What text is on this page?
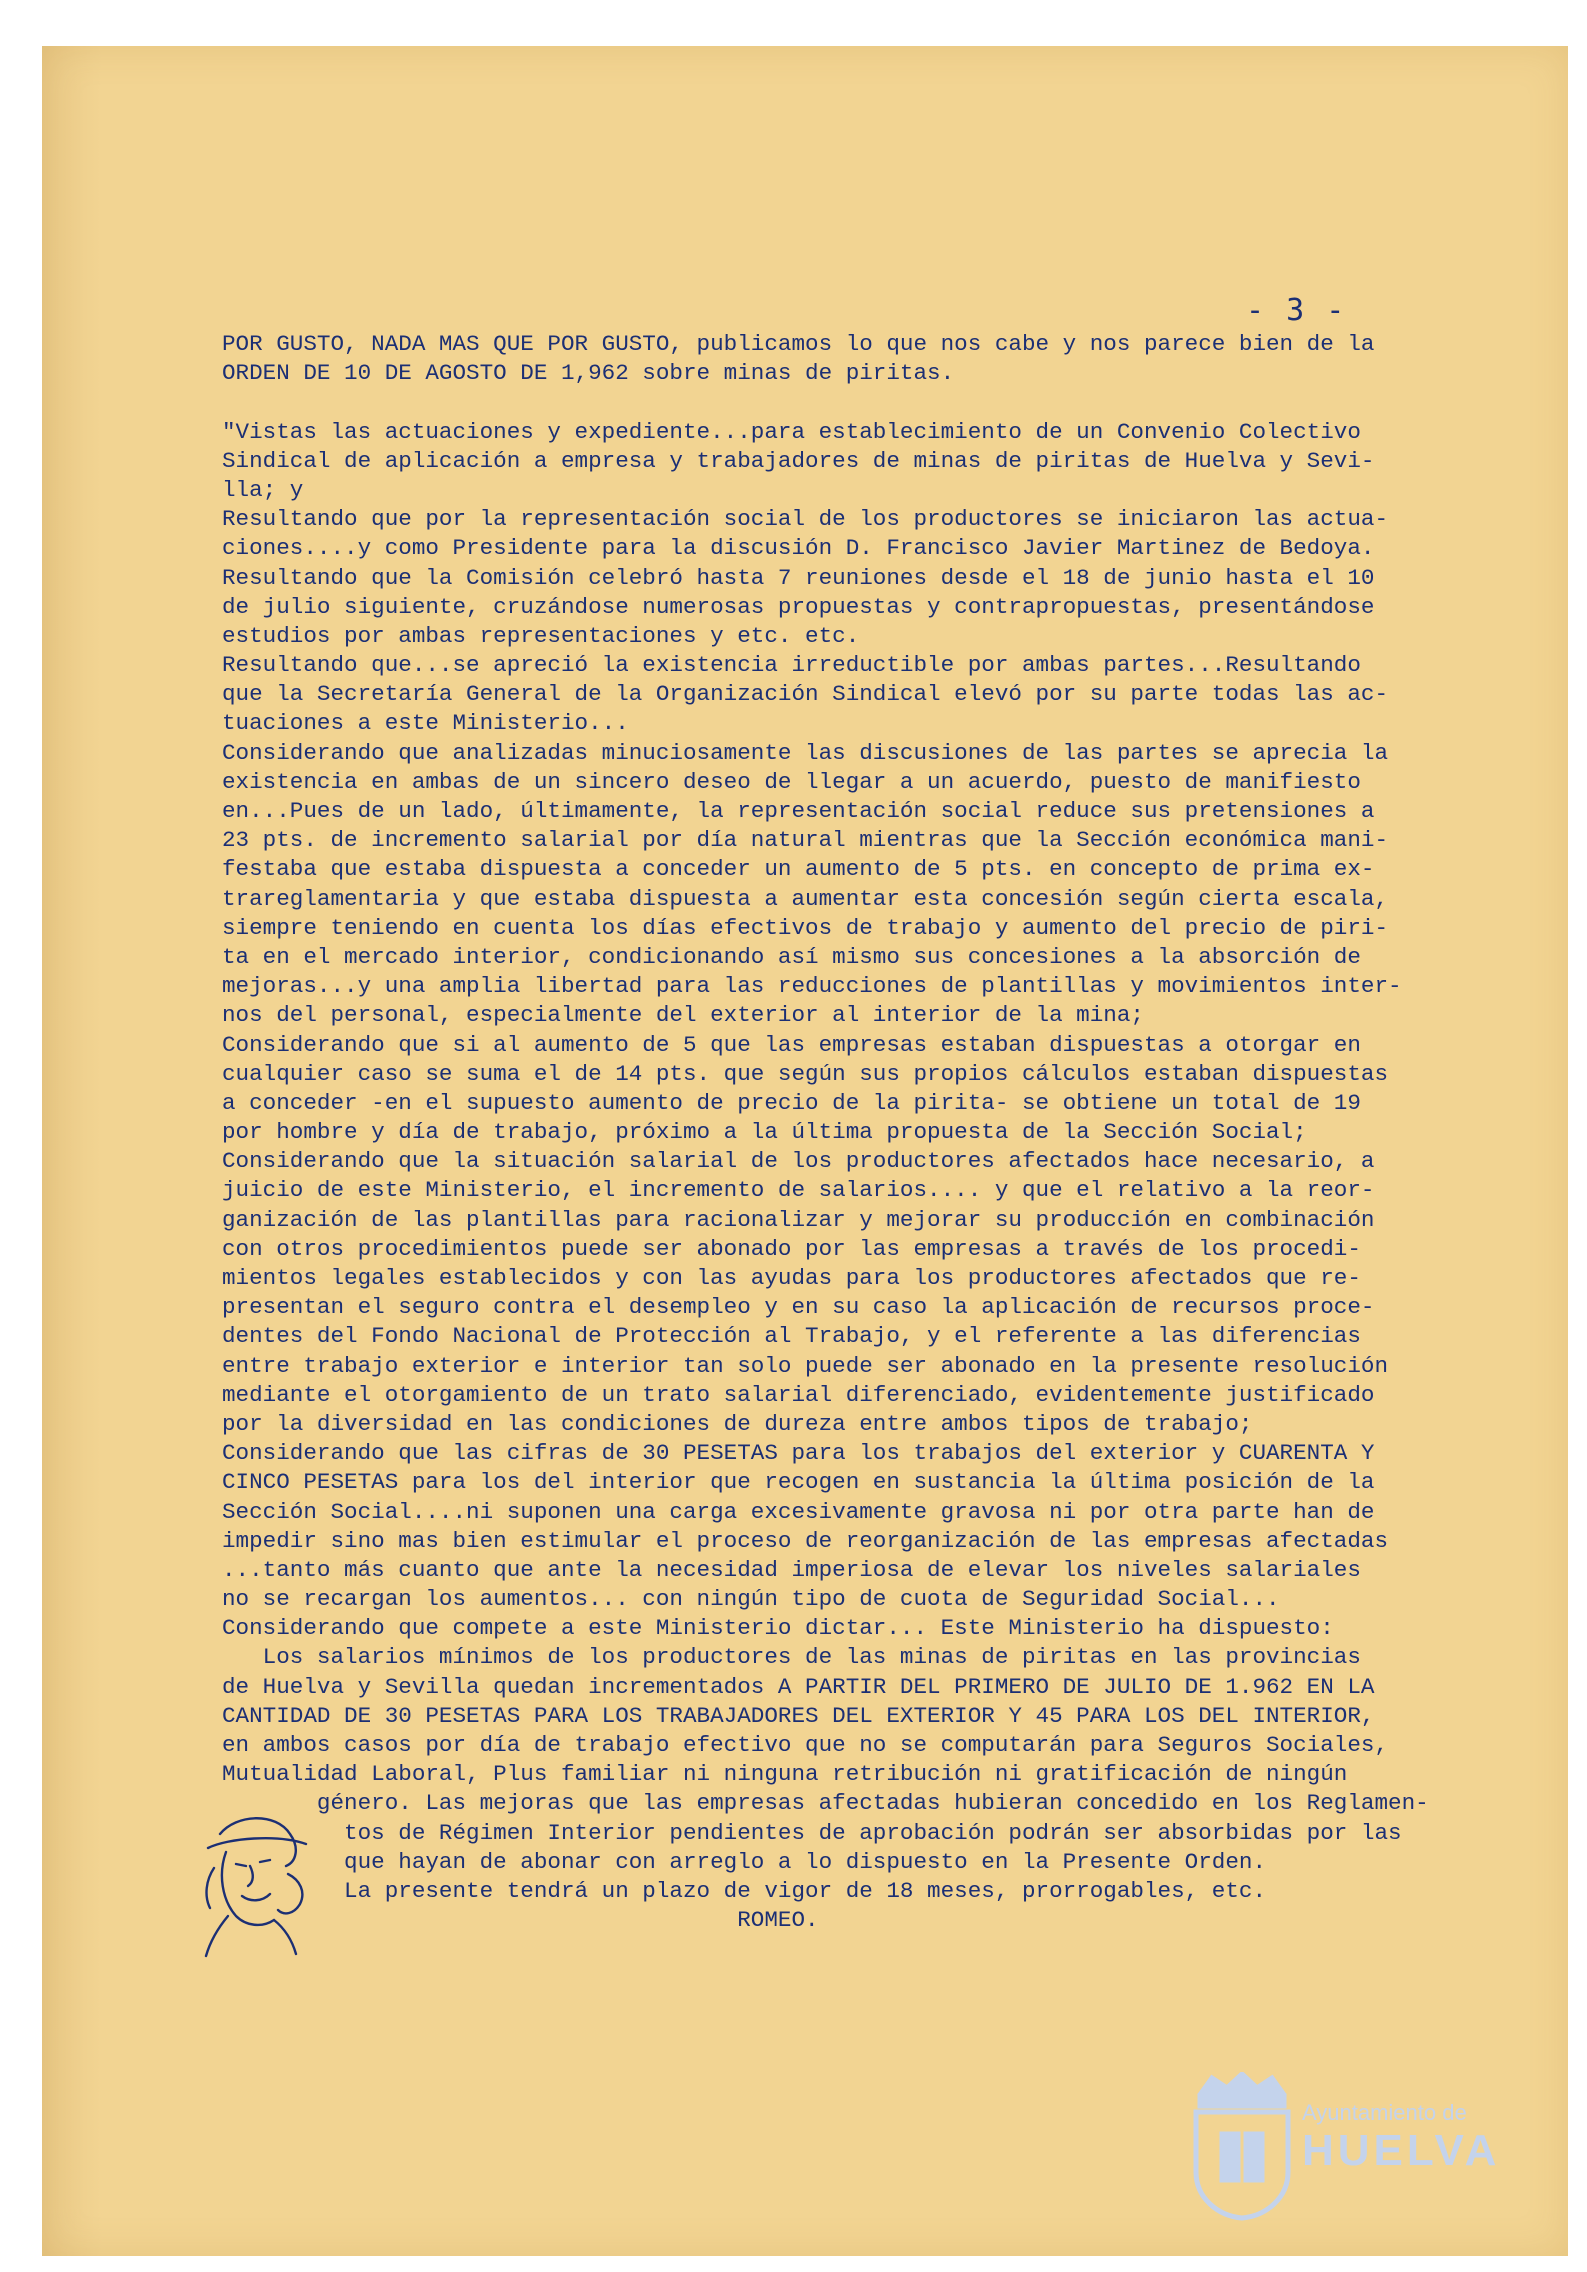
- 3 -
POR GUSTO, NADA MAS QUE POR GUSTO, publicamos lo que nos cabe y nos parece bien de la
ORDEN DE 10 DE AGOSTO DE 1,962 sobre minas de piritas.
"Vistas las actuaciones y expediente...para establecimiento de un Convenio Colectivo
Sindical de aplicación a empresa y trabajadores de minas de piritas de Huelva y Sevi-
lla; y
Resultando que por la representación social de los productores se iniciaron las actua-
ciones....y como Presidente para la discusión D. Francisco Javier Martinez de Bedoya.
Resultando que la Comisión celebró hasta 7 reuniones desde el 18 de junio hasta el 10
de julio siguiente, cruzándose numerosas propuestas y contrapropuestas, presentándose
estudios por ambas representaciones y etc. etc.
Resultando que...se apreció la existencia irreductible por ambas partes...Resultando
que la Secretaría General de la Organización Sindical elevó por su parte todas las ac-
tuaciones a este Ministerio...
Considerando que analizadas minuciosamente las discusiones de las partes se aprecia la
existencia en ambas de un sincero deseo de llegar a un acuerdo, puesto de manifiesto
en...Pues de un lado, últimamente, la representación social reduce sus pretensiones a
23 pts. de incremento salarial por día natural mientras que la Sección económica mani-
festaba que estaba dispuesta a conceder un aumento de 5 pts. en concepto de prima ex-
trareglamentaria y que estaba dispuesta a aumentar esta concesión según cierta escala,
siempre teniendo en cuenta los días efectivos de trabajo y aumento del precio de piri-
ta en el mercado interior, condicionando así mismo sus concesiones a la absorción de
mejoras...y una amplia libertad para las reducciones de plantillas y movimientos inter-
nos del personal, especialmente del exterior al interior de la mina;
Considerando que si al aumento de 5 que las empresas estaban dispuestas a otorgar en
cualquier caso se suma el de 14 pts. que según sus propios cálculos estaban dispuestas
a conceder -en el supuesto aumento de precio de la pirita- se obtiene un total de 19
por hombre y día de trabajo, próximo a la última propuesta de la Sección Social;
Considerando que la situación salarial de los productores afectados hace necesario, a
juicio de este Ministerio, el incremento de salarios.... y que el relativo a la reor-
ganización de las plantillas para racionalizar y mejorar su producción en combinación
con otros procedimientos puede ser abonado por las empresas a través de los procedi-
mientos legales establecidos y con las ayudas para los productores afectados que re-
presentan el seguro contra el desempleo y en su caso la aplicación de recursos proce-
dentes del Fondo Nacional de Protección al Trabajo, y el referente a las diferencias
entre trabajo exterior e interior tan solo puede ser abonado en la presente resolución
mediante el otorgamiento de un trato salarial diferenciado, evidentemente justificado
por la diversidad en las condiciones de dureza entre ambos tipos de trabajo;
Considerando que las cifras de 30 PESETAS para los trabajos del exterior y CUARENTA Y
CINCO PESETAS para los del interior que recogen en sustancia la última posición de la
Sección Social....ni suponen una carga excesivamente gravosa ni por otra parte han de
impedir sino mas bien estimular el proceso de reorganización de las empresas afectadas
...tanto más cuanto que ante la necesidad imperiosa de elevar los niveles salariales
no se recargan los aumentos... con ningún tipo de cuota de Seguridad Social...
Considerando que compete a este Ministerio dictar... Este Ministerio ha dispuesto:
Los salarios mínimos de los productores de las minas de piritas en las provincias
de Huelva y Sevilla quedan incrementados A PARTIR DEL PRIMERO DE JULIO DE 1.962 EN LA
CANTIDAD DE 30 PESETAS PARA LOS TRABAJADORES DEL EXTERIOR Y 45 PARA LOS DEL INTERIOR,
en ambos casos por día de trabajo efectivo que no se computarán para Seguros Sociales,
Mutualidad Laboral, Plus familiar ni ninguna retribución ni gratificación de ningún
género. Las mejoras que las empresas afectadas hubieran concedido en los Reglamen-
tos de Régimen Interior pendientes de aprobación podrán ser absorbidas por las
que hayan de abonar con arreglo a lo dispuesto en la Presente Orden.
La presente tendrá un plazo de vigor de 18 meses, prorrogables, etc.
ROMEO.
Ayuntamiento de
HUELVA
